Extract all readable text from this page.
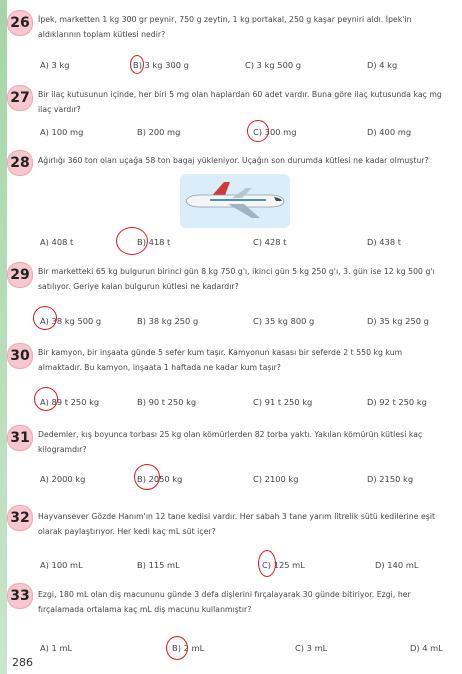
26	İpek, marketten 1 kg 300 gr peynir, 750 g zeytin, 1 kg portakal, 250 g kaşar peyniri aldı. İpek'in aldıklarının toplam kütlesi nedir?
A) 3 kg	B) 3 kg 300 g	C) 3 kg 500 g	D) 4 kg
27	Bir ilaç kutusunun içinde, her biri 5 mg olan haplardan 60 adet vardır. Buna göre ilaç kutusunda kaç mg ilaç vardır?
A) 100 mg	B) 200 mg	C) 300 mg	D) 400 mg
28	Ağırlığı 360 ton olan uçağa 58 ton bagaj yükleniyor. Uçağın son durumda kütlesi ne kadar olmuştur?
A) 408 t	B) 418 t	C) 428 t	D) 438 t
29	Bir marketteki 65 kg bulgurun birinci gün 8 kg 750 g'ı, ikinci gün 5 kg 250 g'ı, 3. gün ise 12 kg 500 g'ı satılıyor. Geriye kalan bulgurun kütlesi ne kadardır?
A) 38 kg 500 g	B) 38 kg 250 g	C) 35 kg 800 g	D) 35 kg 250 g
30	Bir kamyon, bir inşaata günde 5 sefer kum taşır. Kamyonun kasası bir seferde 2 t 550 kg kum almaktadır. Bu kamyon, inşaata 1 haftada ne kadar kum taşır?
A) 89 t 250 kg	B) 90 t 250 kg	C) 91 t 250 kg	D) 92 t 250 kg
31	Dedemler, kış boyunca torbası 25 kg olan kömürlerden 82 torba yaktı. Yakılan kömürün kütlesi kaç kilogramdır?
A) 2000 kg	B) 2050 kg	C) 2100 kg	D) 2150 kg
32	Hayvansever Gözde Hanım'ın 12 tane kedisi vardır. Her sabah 3 tane yarım litrelik sütü kedilerine eşit olarak paylaştırıyor. Her kedi kaç mL süt içer?
A) 100 mL	B) 115 mL	C) 125 mL	D) 140 mL
33	Ezgi, 180 mL olan diş macununu günde 3 defa dişlerini fırçalayarak 30 günde bitiriyor. Ezgi, her fırçalamada ortalama kaç mL diş macunu kullanmıştır?
A) 1 mL	B) 2 mL	C) 3 mL	D) 4 mL
286
